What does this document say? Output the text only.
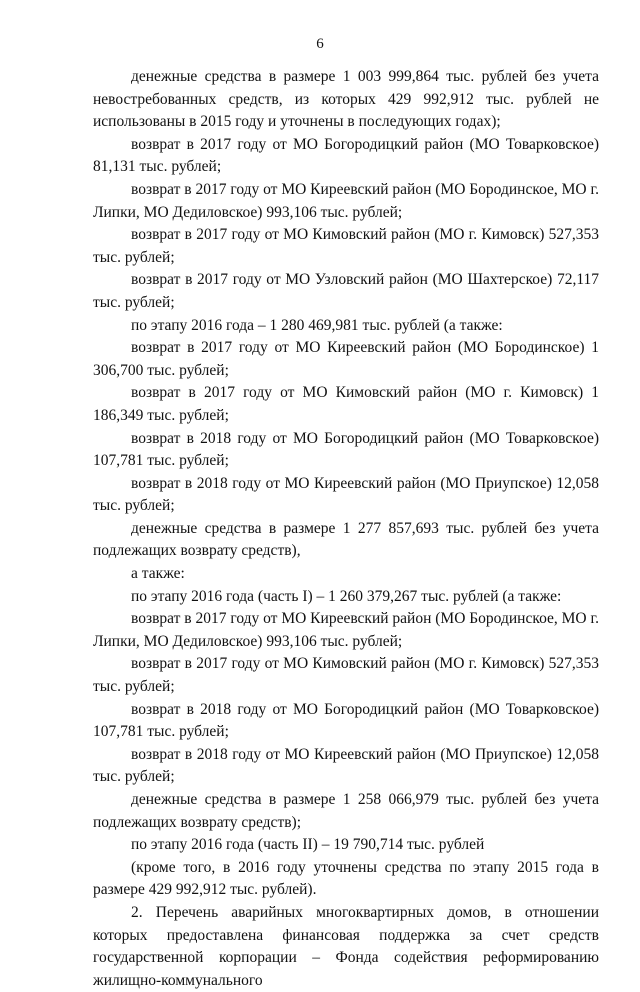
6

денежные средства в размере 1 003 999,864 тыс. рублей без учета невостребованных средств, из которых 429 992,912 тыс. рублей не использованы в 2015 году и уточнены в последующих годах);

возврат в 2017 году от МО Богородицкий район (МО Товарковское) 81,131 тыс. рублей;

возврат в 2017 году от МО Киреевский район (МО Бородинское, МО г. Липки, МО Дедиловское) 993,106 тыс. рублей;

возврат в 2017 году от МО Кимовский район (МО г. Кимовск) 527,353 тыс. рублей;

возврат в 2017 году от МО Узловский район (МО Шахтерское) 72,117 тыс. рублей;

по этапу 2016 года – 1 280 469,981 тыс. рублей (а также:

возврат в 2017 году от МО Киреевский район (МО Бородинское) 1 306,700 тыс. рублей;

возврат в 2017 году от МО Кимовский район (МО г. Кимовск) 1 186,349 тыс. рублей;

возврат в 2018 году от МО Богородицкий район (МО Товарковское) 107,781 тыс. рублей;

возврат в 2018 году от МО Киреевский район (МО Приупское) 12,058 тыс. рублей;

денежные средства в размере 1 277 857,693 тыс. рублей без учета подлежащих возврату средств),

а также:

по этапу 2016 года (часть I) – 1 260 379,267 тыс. рублей (а также:

возврат в 2017 году от МО Киреевский район (МО Бородинское, МО г. Липки, МО Дедиловское) 993,106 тыс. рублей;

возврат в 2017 году от МО Кимовский район (МО г. Кимовск) 527,353 тыс. рублей;

возврат в 2018 году от МО Богородицкий район (МО Товарковское) 107,781 тыс. рублей;

возврат в 2018 году от МО Киреевский район (МО Приупское) 12,058 тыс. рублей;

денежные средства в размере 1 258 066,979 тыс. рублей без учета подлежащих возврату средств);

по этапу 2016 года (часть II) – 19 790,714 тыс. рублей

(кроме того, в 2016 году уточнены средства по этапу 2015 года в размере 429 992,912 тыс. рублей).

2. Перечень аварийных многоквартирных домов, в отношении которых предоставлена финансовая поддержка за счет средств государственной корпорации – Фонда содействия реформированию жилищно-коммунального
